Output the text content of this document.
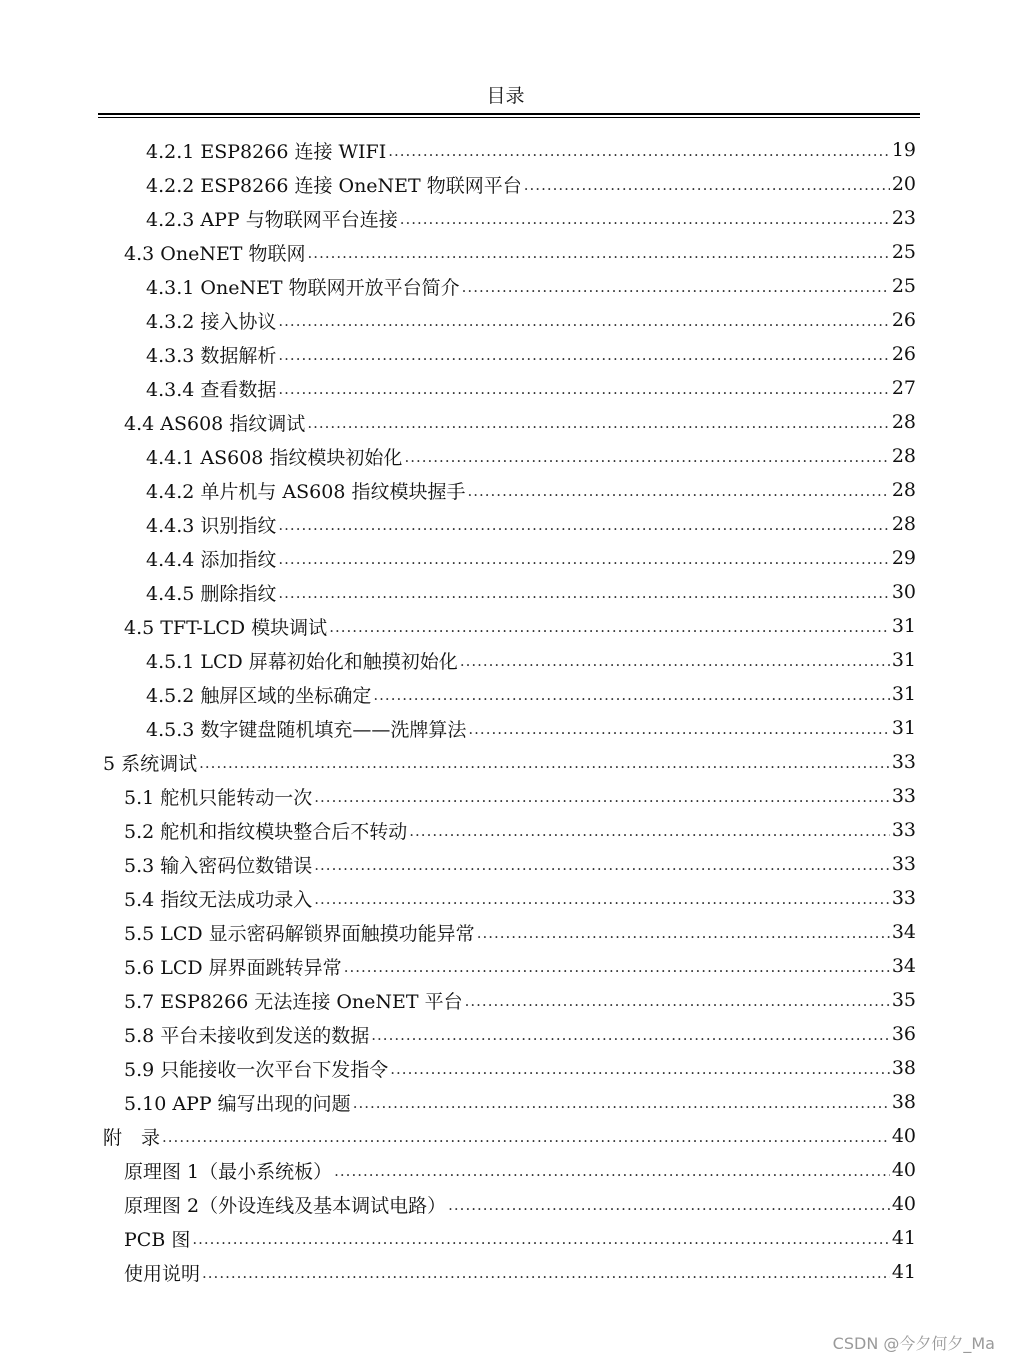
目录
4.2.1 ESP8266 连接 WIFI .....	19
4.2.2 ESP8266 连接 OneNET 物联网平台 .....	20
4.2.3 APP 与物联网平台连接 .....	23
4.3 OneNET 物联网 .....	25
4.3.1 OneNET 物联网开放平台简介 .....	25
4.3.2 接入协议 .....	26
4.3.3 数据解析 .....	26
4.3.4 查看数据 .....	27
4.4 AS608 指纹调试 .....	28
4.4.1 AS608 指纹模块初始化 .....	28
4.4.2 单片机与 AS608 指纹模块握手 .....	28
4.4.3 识别指纹 .....	28
4.4.4 添加指纹 .....	29
4.4.5 删除指纹 .....	30
4.5 TFT-LCD 模块调试 .....	31
4.5.1 LCD 屏幕初始化和触摸初始化 .....	31
4.5.2 触屏区域的坐标确定 .....	31
4.5.3 数字键盘随机填充——洗牌算法 .....	31
5 系统调试 .....	33
5.1 舵机只能转动一次 .....	33
5.2 舵机和指纹模块整合后不转动 .....	33
5.3 输入密码位数错误 .....	33
5.4 指纹无法成功录入 .....	33
5.5 LCD 显示密码解锁界面触摸功能异常 .....	34
5.6 LCD 屏界面跳转异常 .....	34
5.7 ESP8266 无法连接 OneNET 平台 .....	35
5.8 平台未接收到发送的数据 .....	36
5.9 只能接收一次平台下发指令 .....	38
5.10 APP 编写出现的问题 .....	38
附　录 .....	40
原理图 1（最小系统板） .....	40
原理图 2（外设连线及基本调试电路） .....	40
PCB 图 .....	41
使用说明 .....	41
CSDN @今夕何夕_Ma
